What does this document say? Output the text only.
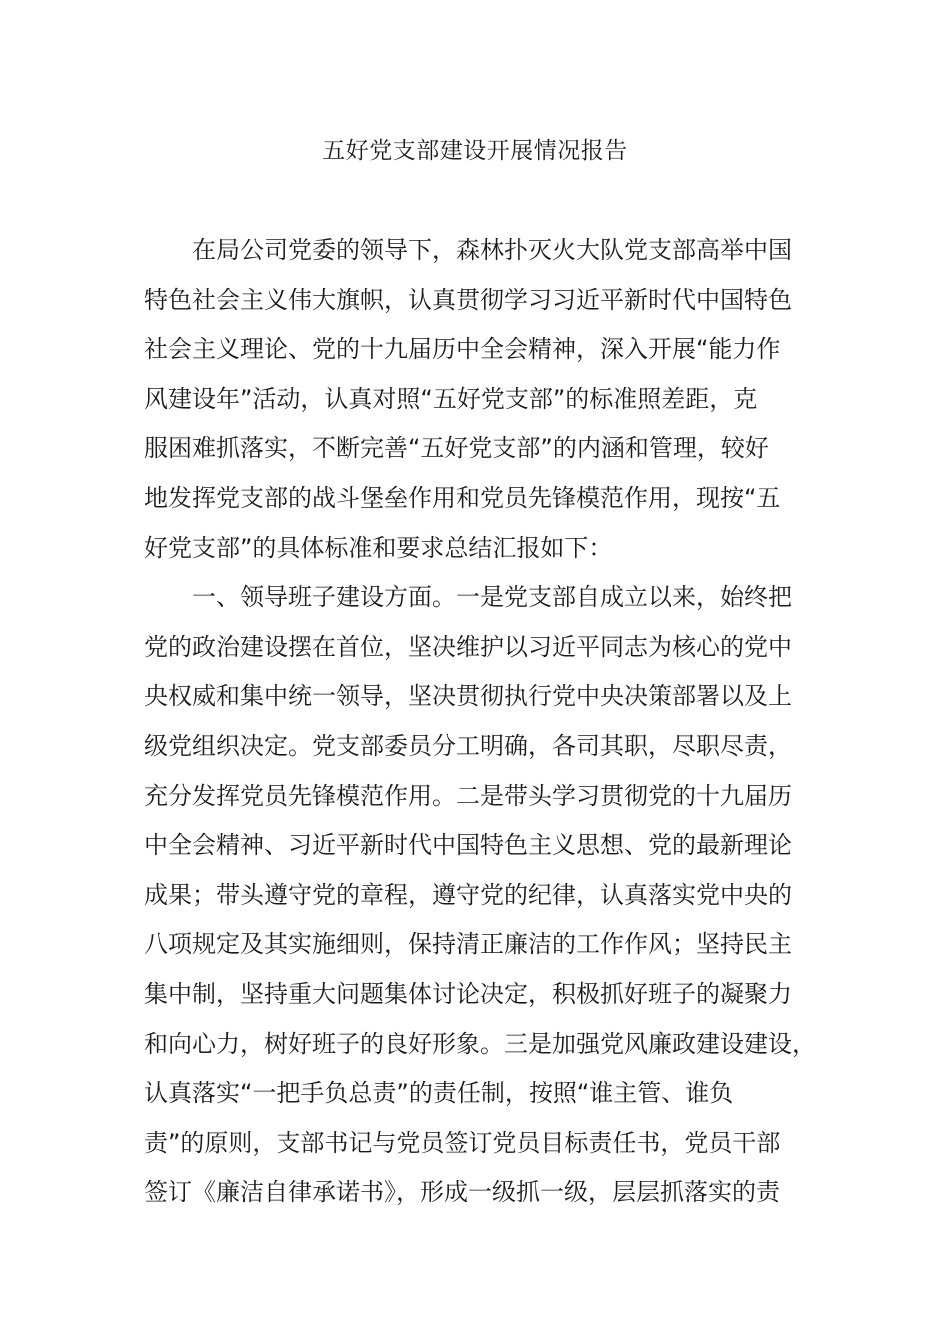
五好党支部建设开展情况报告
　　在局公司党委的领导下，森林扑灭火大队党支部高举中国
特色社会主义伟大旗帜，认真贯彻学习习近平新时代中国特色
社会主义理论、党的十九届历中全会精神，深入开展“能力作
风建设年”活动，认真对照“五好党支部”的标准照差距，克
服困难抓落实，不断完善“五好党支部”的内涵和管理，较好
地发挥党支部的战斗堡垒作用和党员先锋模范作用，现按“五
好党支部”的具体标准和要求总结汇报如下：
　　一、领导班子建设方面。一是党支部自成立以来，始终把
党的政治建设摆在首位，坚决维护以习近平同志为核心的党中
央权威和集中统一领导，坚决贯彻执行党中央决策部署以及上
级党组织决定。党支部委员分工明确，各司其职，尽职尽责，
充分发挥党员先锋模范作用。二是带头学习贯彻党的十九届历
中全会精神、习近平新时代中国特色主义思想、党的最新理论
成果；带头遵守党的章程，遵守党的纪律，认真落实党中央的
八项规定及其实施细则，保持清正廉洁的工作作风；坚持民主
集中制，坚持重大问题集体讨论决定，积极抓好班子的凝聚力
和向心力，树好班子的良好形象。三是加强党风廉政建设建设，
认真落实“一把手负总责”的责任制，按照“谁主管、谁负
责”的原则，支部书记与党员签订党员目标责任书，党员干部
签订《廉洁自律承诺书》，形成一级抓一级，层层抓落实的责
